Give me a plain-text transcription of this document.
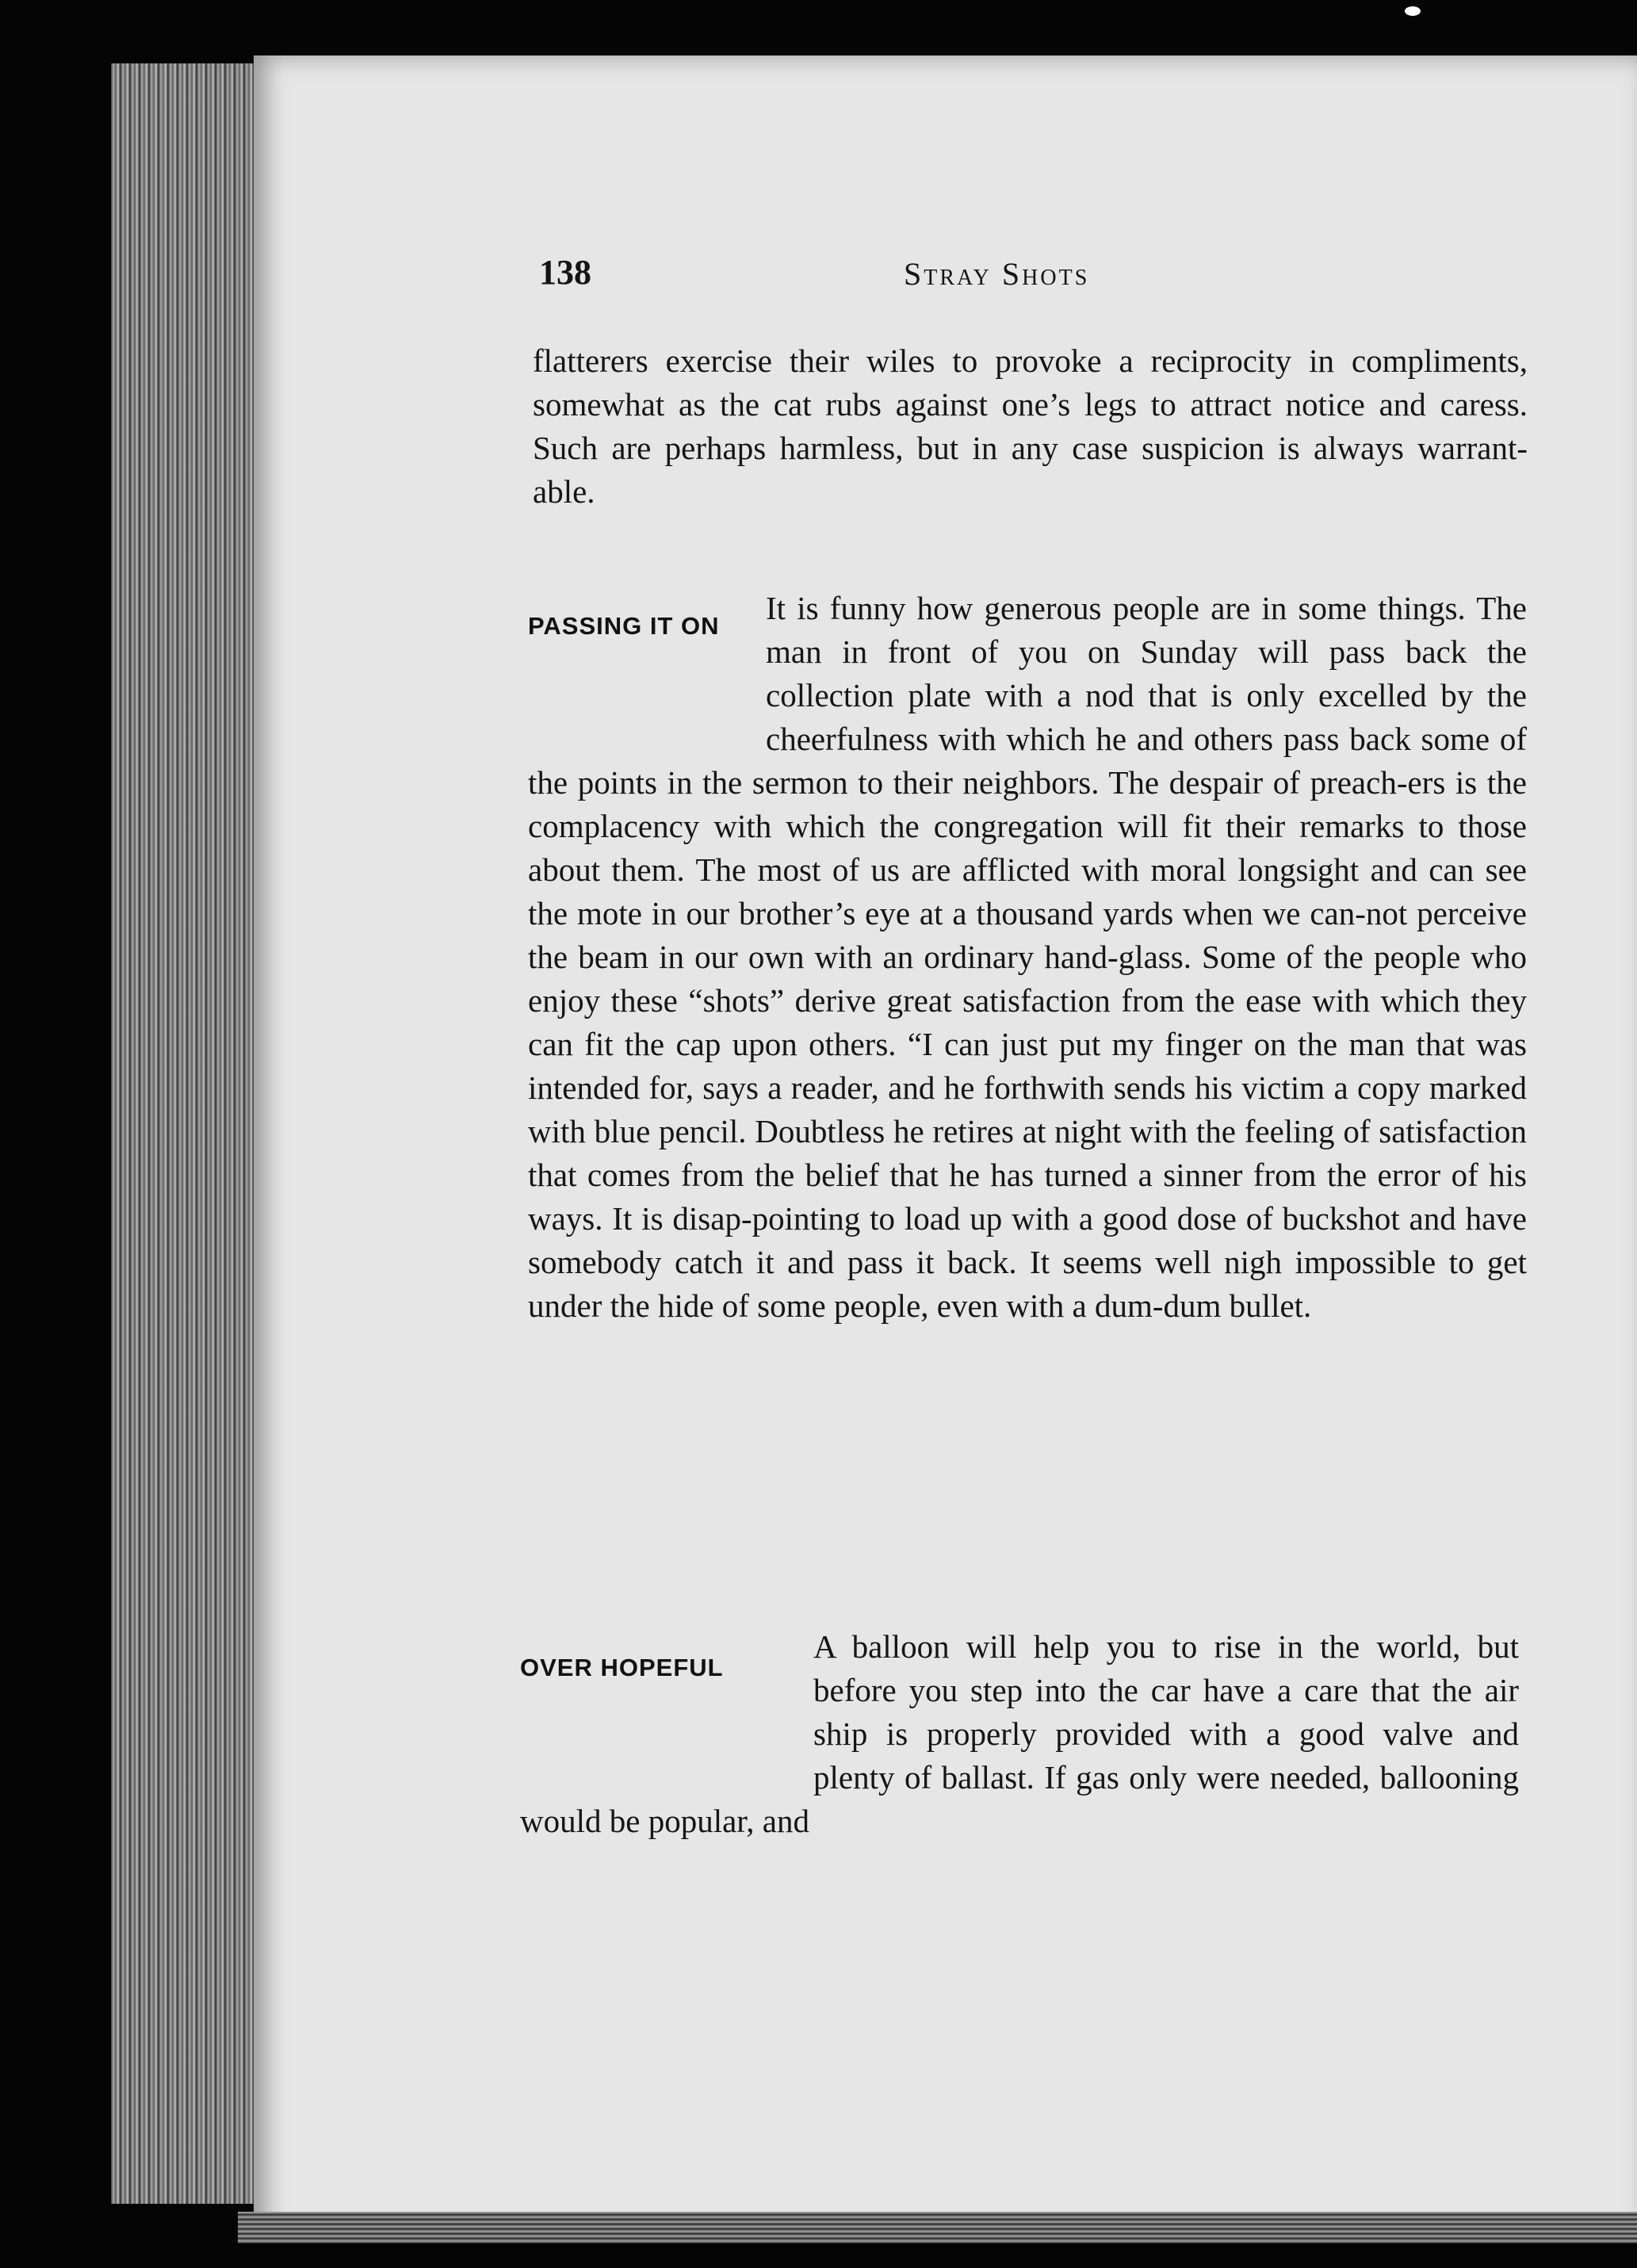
138	Stray Shots
flatterers exercise their wiles to provoke a reciprocity in compliments, somewhat as the cat rubs against one’s legs to attract notice and caress. Such are perhaps harmless, but in any case suspicion is always warrant-able.
PASSING IT ON	It is funny how generous people are in some things. The man in front of you on Sunday will pass back the collection plate with a nod that is only excelled by the cheerfulness with which he and others pass back some of the points in the sermon to their neighbors. The despair of preach-ers is the complacency with which the congregation will fit their remarks to those about them. The most of us are afflicted with moral longsight and can see the mote in our brother’s eye at a thousand yards when we can-not perceive the beam in our own with an ordinary hand-glass. Some of the people who enjoy these “shots” derive great satisfaction from the ease with which they can fit the cap upon others. “I can just put my finger on the man that was intended for, says a reader, and he forthwith sends his victim a copy marked with blue pencil. Doubtless he retires at night with the feeling of satisfaction that comes from the belief that he has turned a sinner from the error of his ways. It is disap-pointing to load up with a good dose of buckshot and have somebody catch it and pass it back. It seems well nigh impossible to get under the hide of some people, even with a dum-dum bullet.
OVER HOPEFUL
A balloon will help you to rise in the world, but before you step into the car have a care that the air ship is properly provided with a good valve and plenty of ballast. If gas only were needed, ballooning would be popular, and
